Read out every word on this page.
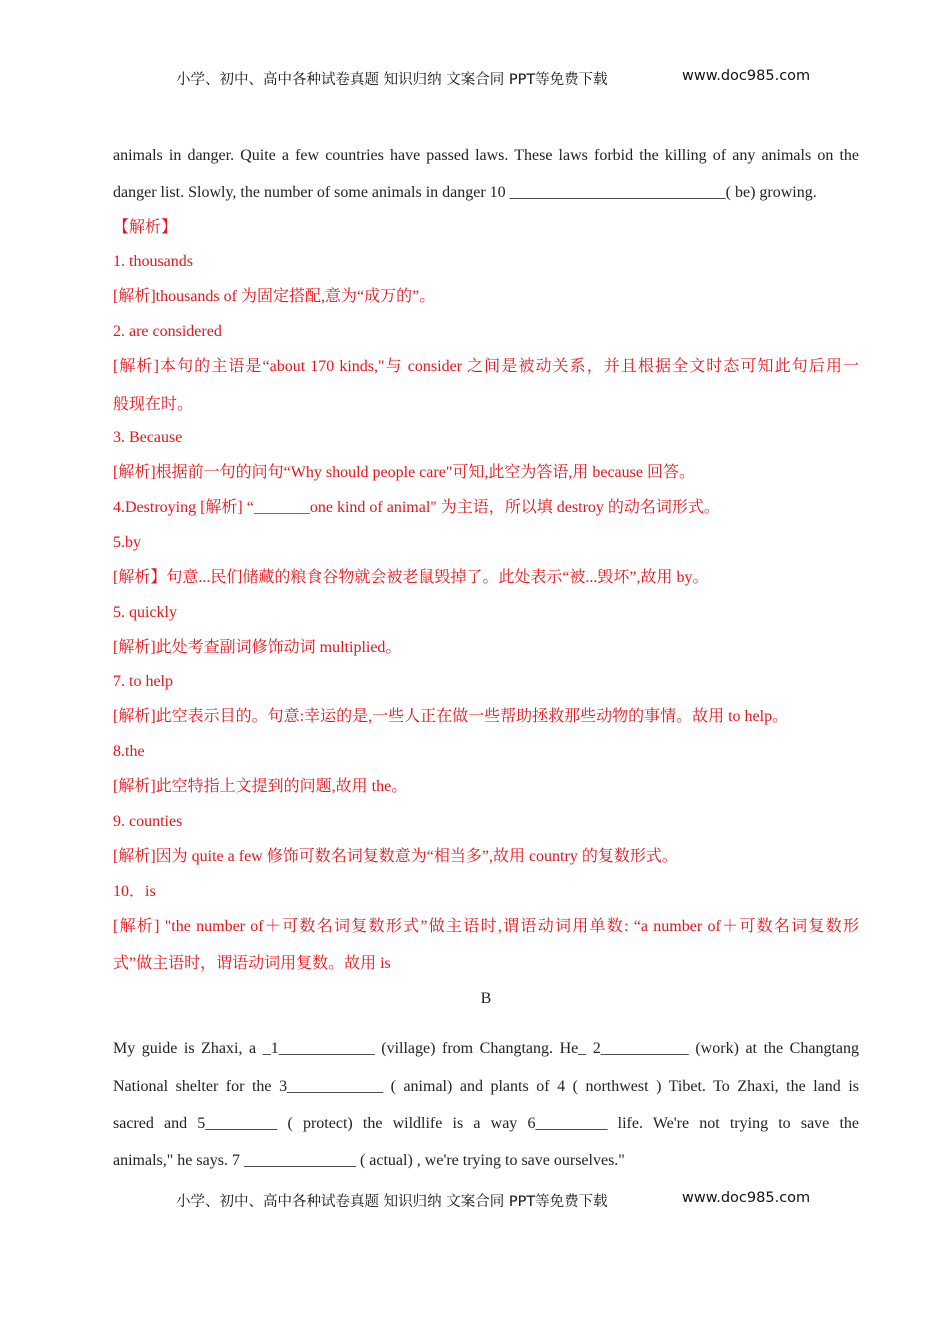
小学、初中、高中各种试卷真题 知识归纳 文案合同 PPT等免费下载	www.doc985.com
animals in danger. Quite a few countries have passed laws. These laws forbid the killing of any animals on the
danger list. Slowly, the number of some animals in danger 10 ___________________________( be) growing.
【解析】
1. thousands
[解析]thousands of 为固定搭配,意为“成万的”。
2. are considered
[解析]本句的主语是“about 170 kinds,"与 consider 之间是被动关系，并且根据全文时态可知此句后用一
般现在时。
3. Because
[解析]根据前一句的问句“Why should people care"可知,此空为答语,用 because 回答。
4.Destroying [解析] “_______one kind of animal" 为主语，所以填 destroy 的动名词形式。
5.by
[解析】句意...民们储藏的粮食谷物就会被老鼠毁掉了。此处表示“被...毁坏”,故用 by。
5. quickly
[解析]此处考查副词修饰动词 multiplied。
7. to help
[解析]此空表示目的。句意:幸运的是,一些人正在做一些帮助拯救那些动物的事情。故用 to help。
8.the
[解析]此空特指上文提到的问题,故用 the。
9. counties
[解析]因为 quite a few 修饰可数名词复数意为“相当多”,故用 country 的复数形式。
10．is
[解析] "the number of＋可数名词复数形式”做主语时,谓语动词用单数: “a number of＋可数名词复数形
式”做主语时，谓语动词用复数。故用 is
B
My guide is Zhaxi, a _1____________ (village) from Changtang. He_ 2___________ (work) at the Changtang
National shelter for the 3____________ ( animal) and plants of 4 ( northwest ) Tibet. To Zhaxi, the land is
sacred and 5_________ ( protect) the wildlife is a way 6_________ life. We're not trying to save the
animals," he says. 7 ______________ ( actual) , we're trying to save ourselves."
小学、初中、高中各种试卷真题 知识归纳 文案合同 PPT等免费下载	www.doc985.com
